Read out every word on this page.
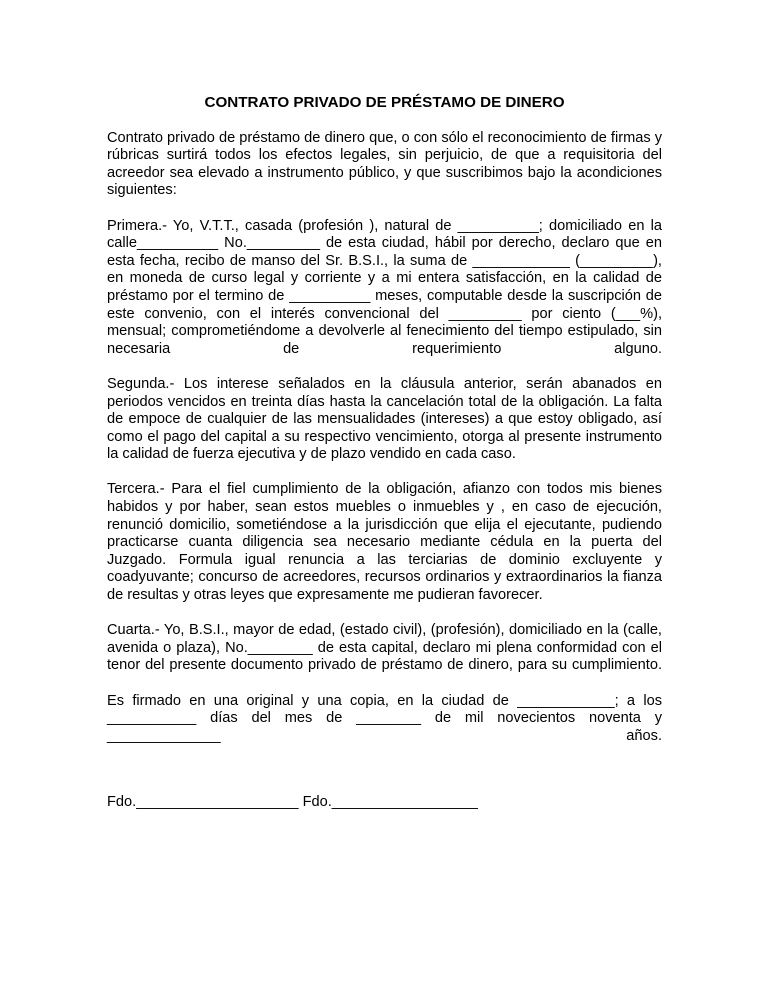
CONTRATO PRIVADO DE PRÉSTAMO DE DINERO

Contrato privado de préstamo de dinero que, o con sólo el reconocimiento de firmas y rúbricas surtirá todos los efectos legales, sin perjuicio, de que a requisitoria del acreedor sea elevado a instrumento público, y que suscribimos bajo la acondiciones siguientes:

Primera.- Yo, V.T.T., casada (profesión ), natural de __________; domiciliado en la calle__________ No._________ de esta ciudad, hábil por derecho, declaro que en esta fecha, recibo de manso del Sr. B.S.I., la suma de ____________ (_________), en moneda de curso legal y corriente y a mi entera satisfacción, en la calidad de préstamo por el termino de __________ meses, computable desde la suscripción de este convenio, con el interés convencional del _________ por ciento (___%), mensual; comprometiéndome a devolverle al fenecimiento del tiempo estipulado, sin necesaria de requerimiento alguno.

Segunda.- Los interese señalados en la cláusula anterior, serán abanados en periodos vencidos en treinta días hasta la cancelación total de la obligación. La falta de empoce de cualquier de las mensualidades (intereses) a que estoy obligado, así como el pago del capital a su respectivo vencimiento, otorga al presente instrumento la calidad de fuerza ejecutiva y de plazo vendido en cada caso.

Tercera.- Para el fiel cumplimiento de la obligación, afianzo con todos mis bienes habidos y por haber, sean estos muebles o inmuebles y , en caso de ejecución, renunció domicilio, sometiéndose a la jurisdicción que elija el ejecutante, pudiendo practicarse cuanta diligencia sea necesario mediante cédula en la puerta del Juzgado. Formula igual renuncia a las terciarias de dominio excluyente y coadyuvante; concurso de acreedores, recursos ordinarios y extraordinarios la fianza de resultas y otras leyes que expresamente me pudieran favorecer.

Cuarta.- Yo, B.S.I., mayor de edad, (estado civil), (profesión), domiciliado en la (calle, avenida o plaza), No.________ de esta capital, declaro mi plena conformidad con el tenor del presente documento privado de préstamo de dinero, para su cumplimiento.

Es firmado en una original y una copia, en la ciudad de ____________; a los ___________ días del mes de ________ de mil novecientos noventa y ______________ años.

Fdo.____________________ Fdo.__________________
